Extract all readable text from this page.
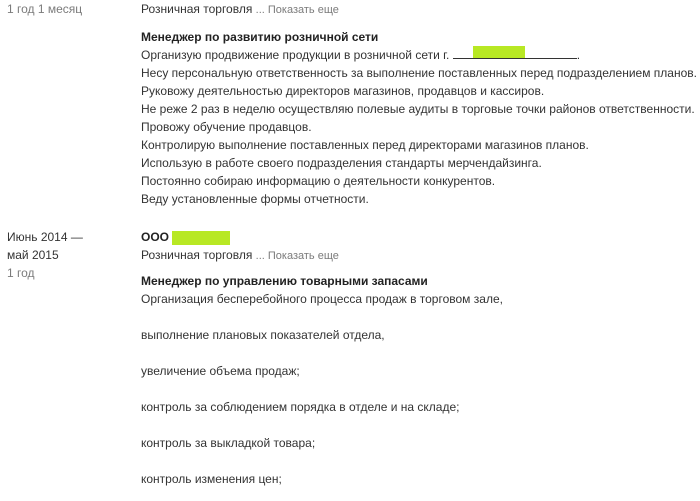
1 год 1 месяц	Розничная торговля ... Показать еще
Менеджер по развитию розничной сети
Организую продвижение продукции в розничной сети г.	.
Несу персональную ответственность за выполнение поставленных перед подразделением планов.
Руковожу деятельностью директоров магазинов, продавцов и кассиров.
Не реже 2 раз в неделю осуществляю полевые аудиты в торговые точки районов ответственности.
Провожу обучение продавцов.
Контролирую выполнение поставленных перед директорами магазинов планов.
Использую в работе своего подразделения стандарты мерчендайзинга.
Постоянно собираю информацию о деятельности конкурентов.
Веду установленные формы отчетности.
Июнь 2014 —
май 2015
1 год
ООО
Розничная торговля ... Показать еще
Менеджер по управлению товарными запасами
Организация бесперебойного процесса продаж в торговом зале,
выполнение плановых показателей отдела,
увеличение объема продаж;
контроль за соблюдением порядка в отделе и на складе;
контроль за выкладкой товара;
контроль изменения цен;
